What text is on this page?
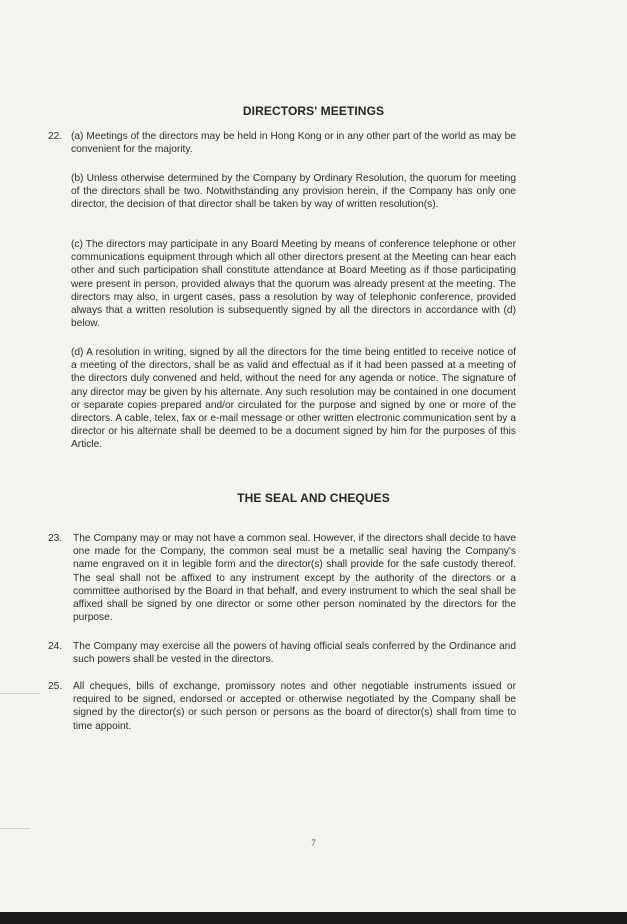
DIRECTORS' MEETINGS
22. (a) Meetings of the directors may be held in Hong Kong or in any other part of the world as may be convenient for the majority.
(b) Unless otherwise determined by the Company by Ordinary Resolution, the quorum for meeting of the directors shall be two. Notwithstanding any provision herein, if the Company has only one director, the decision of that director shall be taken by way of written resolution(s).
(c) The directors may participate in any Board Meeting by means of conference telephone or other communications equipment through which all other directors present at the Meeting can hear each other and such participation shall constitute attendance at Board Meeting as if those participating were present in person, provided always that the quorum was already present at the meeting. The directors may also, in urgent cases, pass a resolution by way of telephonic conference, provided always that a written resolution is subsequently signed by all the directors in accordance with (d) below.
(d) A resolution in writing, signed by all the directors for the time being entitled to receive notice of a meeting of the directors, shall be as valid and effectual as if it had been passed at a meeting of the directors duly convened and held, without the need for any agenda or notice. The signature of any director may be given by his alternate. Any such resolution may be contained in one document or separate copies prepared and/or circulated for the purpose and signed by one or more of the directors. A cable, telex, fax or e-mail message or other written electronic communication sent by a director or his alternate shall be deemed to be a document signed by him for the purposes of this Article.
THE SEAL AND CHEQUES
23. The Company may or may not have a common seal. However, if the directors shall decide to have one made for the Company, the common seal must be a metallic seal having the Company's name engraved on it in legible form and the director(s) shall provide for the safe custody thereof. The seal shall not be affixed to any instrument except by the authority of the directors or a committee authorised by the Board in that behalf, and every instrument to which the seal shall be affixed shall be signed by one director or some other person nominated by the directors for the purpose.
24. The Company may exercise all the powers of having official seals conferred by the Ordinance and such powers shall be vested in the directors.
25. All cheques, bills of exchange, promissory notes and other negotiable instruments issued or required to be signed, endorsed or accepted or otherwise negotiated by the Company shall be signed by the director(s) or such person or persons as the board of director(s) shall from time to time appoint.
7
